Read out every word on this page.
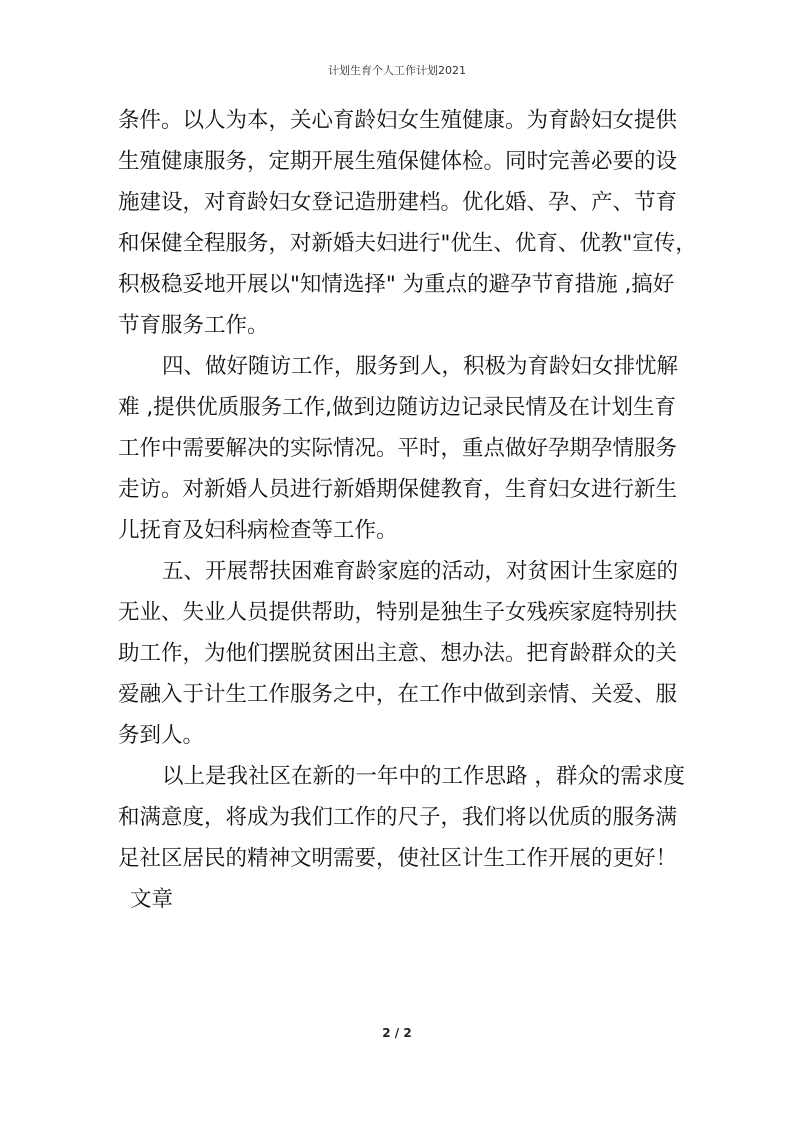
计划生育个人工作计划2021
条件。以人为本，关心育龄妇女生殖健康。为育龄妇女提供
生殖健康服务，定期开展生殖保健体检。同时完善必要的设
施建设，对育龄妇女登记造册建档。优化婚、孕、产、节育
和保健全程服务，对新婚夫妇进行"优生、优育、优教"宣传，
积极稳妥地开展以"知情选择" 为重点的避孕节育措施 ,搞好
节育服务工作。
四、做好随访工作，服务到人，积极为育龄妇女排忧解
难 ,提供优质服务工作,做到边随访边记录民情及在计划生育
工作中需要解决的实际情况。平时，重点做好孕期孕情服务
走访。对新婚人员进行新婚期保健教育，生育妇女进行新生
儿抚育及妇科病检查等工作。
五、开展帮扶困难育龄家庭的活动，对贫困计生家庭的
无业、失业人员提供帮助，特别是独生子女残疾家庭特别扶
助工作，为他们摆脱贫困出主意、想办法。把育龄群众的关
爱融入于计生工作服务之中，在工作中做到亲情、关爱、服
务到人。
以上是我社区在新的一年中的工作思路 ，群众的需求度
和满意度，将成为我们工作的尺子，我们将以优质的服务满
足社区居民的精神文明需要，使社区计生工作开展的更好！
文章
2 / 2
